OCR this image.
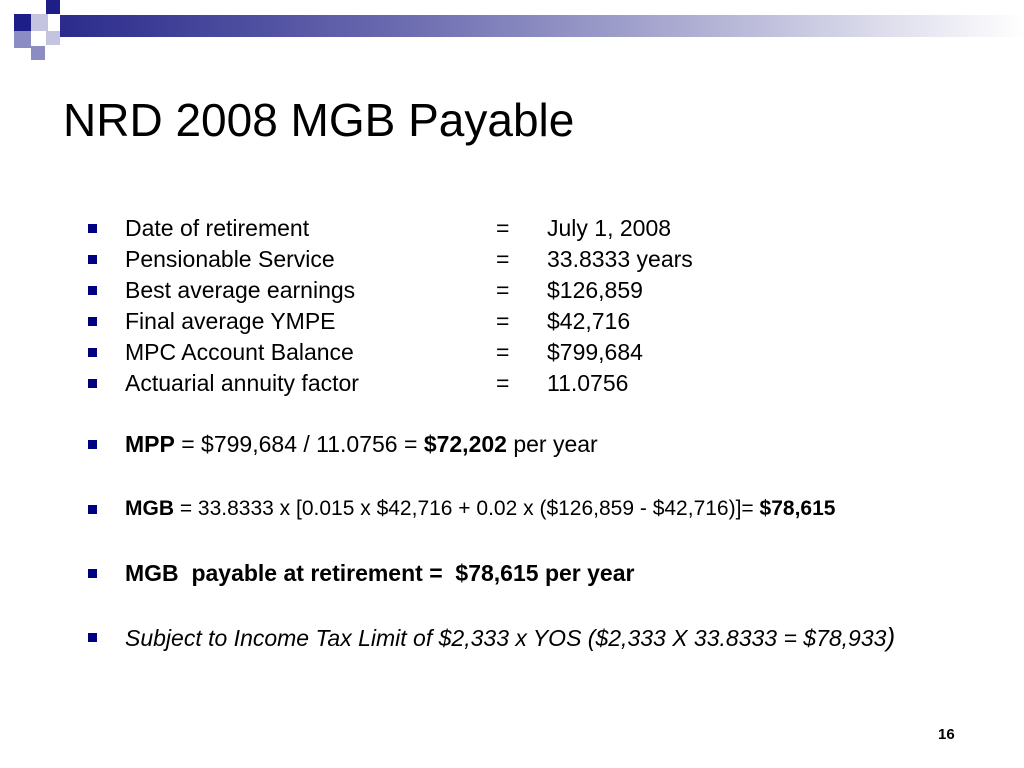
NRD 2008 MGB Payable
Date of retirement	= July 1, 2008
Pensionable Service	= 33.8333 years
Best average earnings	= $126,859
Final average YMPE	= $42,716
MPC Account Balance	= $799,684
Actuarial annuity factor	= 11.0756
MPP = $799,684 / 11.0756 = $72,202 per year
MGB = 33.8333 x [0.015 x $42,716 + 0.02 x ($126,859 - $42,716)]= $78,615
MGB  payable at retirement =  $78,615 per year
Subject to Income Tax Limit of $2,333 x YOS ($2,333 X 33.8333 = $78,933)
16
